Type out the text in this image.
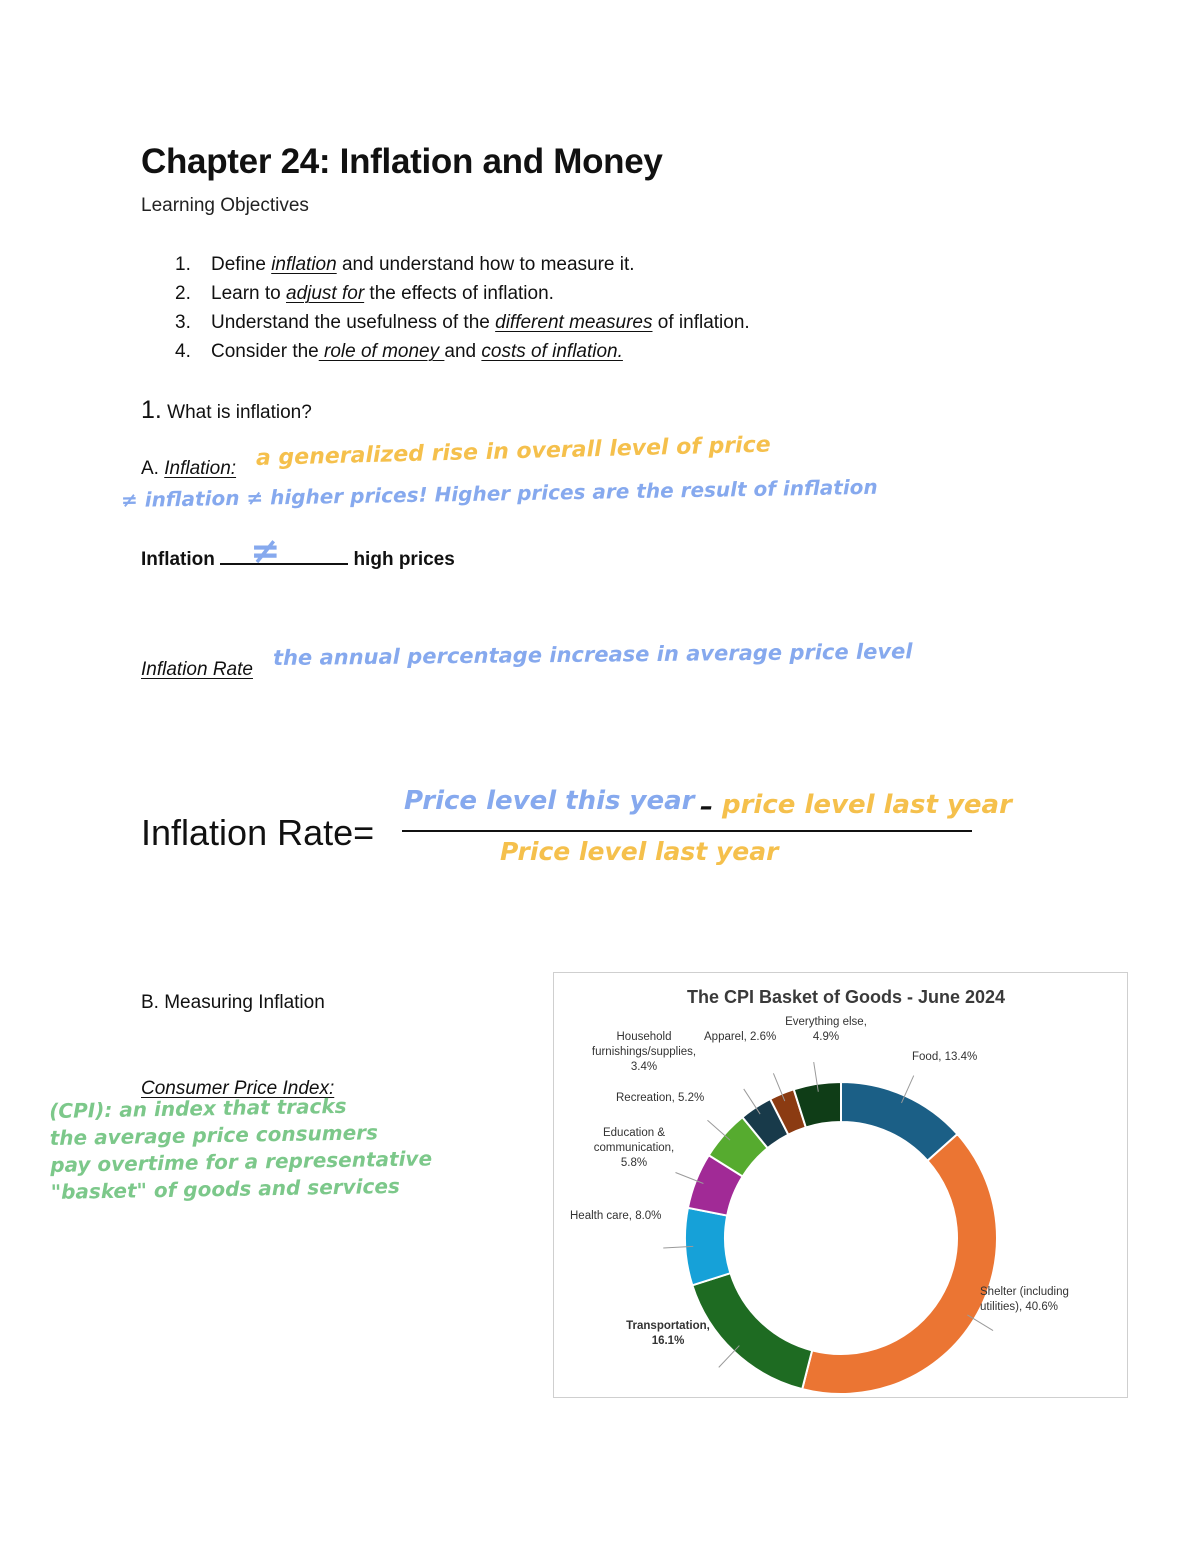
Chapter 24: Inflation and Money
Learning Objectives
1. Define inflation and understand how to measure it.
2. Learn to adjust for the effects of inflation.
3. Understand the usefulness of the different measures of inflation.
4. Consider the role of money and costs of inflation.
1. What is inflation?
A. Inflation: a generalized rise in overall level of price
≠ inflation ≠ higher prices! Higher prices are the result of inflation
Inflation ≠	high prices
Inflation Rate the annual percentage increase in average price level
Inflation Rate=
Price level this year – price level last year
Price level last year
B. Measuring Inflation
Consumer Price Index:
(CPI): an index that tracks
the average price consumers
pay overtime for a representative
"basket" of goods and services
The CPI Basket of Goods - June 2024
Food, 13.4%
Shelter (including utilities), 40.6%
Transportation, 16.1%
Health care, 8.0%
Education & communication, 5.8%
Recreation, 5.2%
Household furnishings/supplies, 3.4%
Apparel, 2.6%
Everything else, 4.9%
